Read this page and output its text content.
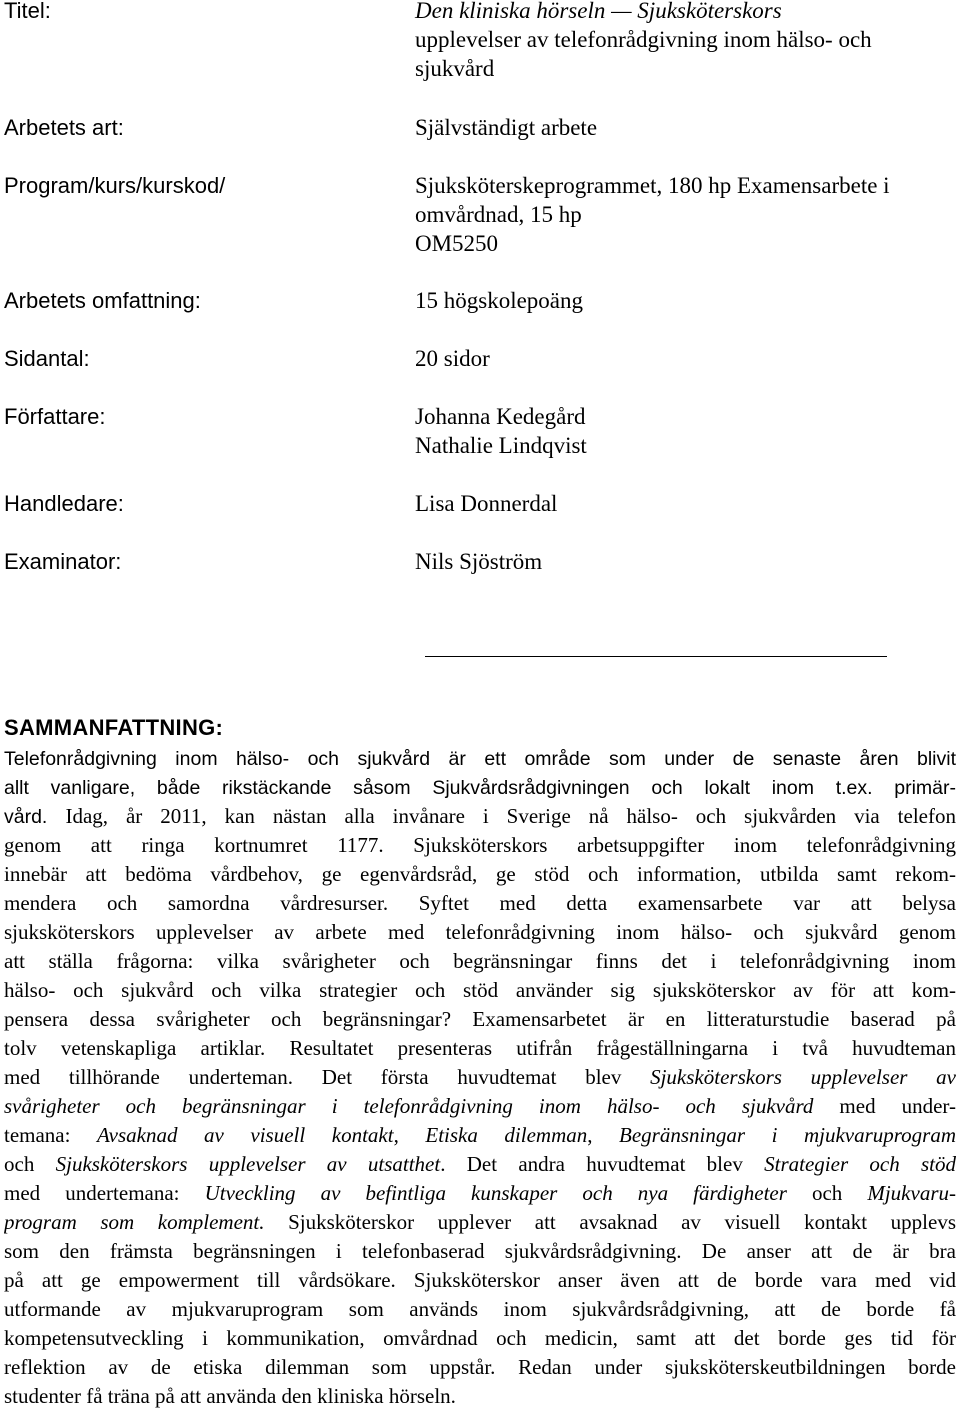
Titel:	Den kliniska hörseln — Sjuksköterskors
upplevelser av telefonrådgivning inom hälso- och
sjukvård
Arbetets art:	Självständigt arbete
Program/kurs/kurskod/	Sjuksköterskeprogrammet, 180 hp Examensarbete i
omvårdnad, 15 hp
OM5250
Arbetets omfattning:	15 högskolepoäng
Sidantal:	20 sidor
Författare:	Johanna Kedegård
Nathalie Lindqvist
Handledare:	Lisa Donnerdal
Examinator:	Nils Sjöström
SAMMANFATTNING:
Telefonrådgivning inom hälso- och sjukvård är ett område som under de senaste åren blivit
allt vanligare, både rikstäckande såsom Sjukvårdsrådgivningen och lokalt inom t.ex. primär-
vård. Idag, år 2011, kan nästan alla invånare i Sverige nå hälso- och sjukvården via telefon
genom att ringa kortnumret 1177. Sjuksköterskors arbetsuppgifter inom telefonrådgivning
innebär att bedöma vårdbehov, ge egenvårdsråd, ge stöd och information, utbilda samt rekom-
mendera och samordna vårdresurser. Syftet med detta examensarbete var att belysa
sjuksköterskors upplevelser av arbete med telefonrådgivning inom hälso- och sjukvård genom
att ställa frågorna: vilka svårigheter och begränsningar finns det i telefonrådgivning inom
hälso- och sjukvård och vilka strategier och stöd använder sig sjuksköterskor av för att kom-
pensera dessa svårigheter och begränsningar? Examensarbetet är en litteraturstudie baserad på
tolv vetenskapliga artiklar. Resultatet presenteras utifrån frågeställningarna i två huvudteman
med tillhörande underteman. Det första huvudtemat blev Sjuksköterskors upplevelser av
svårigheter och begränsningar i telefonrådgivning inom hälso- och sjukvård med under-
temana: Avsaknad av visuell kontakt, Etiska dilemman, Begränsningar i mjukvaruprogram
och Sjuksköterskors upplevelser av utsatthet. Det andra huvudtemat blev Strategier och stöd
med undertemana: Utveckling av befintliga kunskaper och nya färdigheter och Mjukvaru-
program som komplement. Sjuksköterskor upplever att avsaknad av visuell kontakt upplevs
som den främsta begränsningen i telefonbaserad sjukvårdsrådgivning. De anser att de är bra
på att ge empowerment till vårdsökare. Sjuksköterskor anser även att de borde vara med vid
utformande av mjukvaruprogram som används inom sjukvårdsrådgivning, att de borde få
kompetensutveckling i kommunikation, omvårdnad och medicin, samt att det borde ges tid för
reflektion av de etiska dilemman som uppstår. Redan under sjuksköterskeutbildningen borde
studenter få träna på att använda den kliniska hörseln.
